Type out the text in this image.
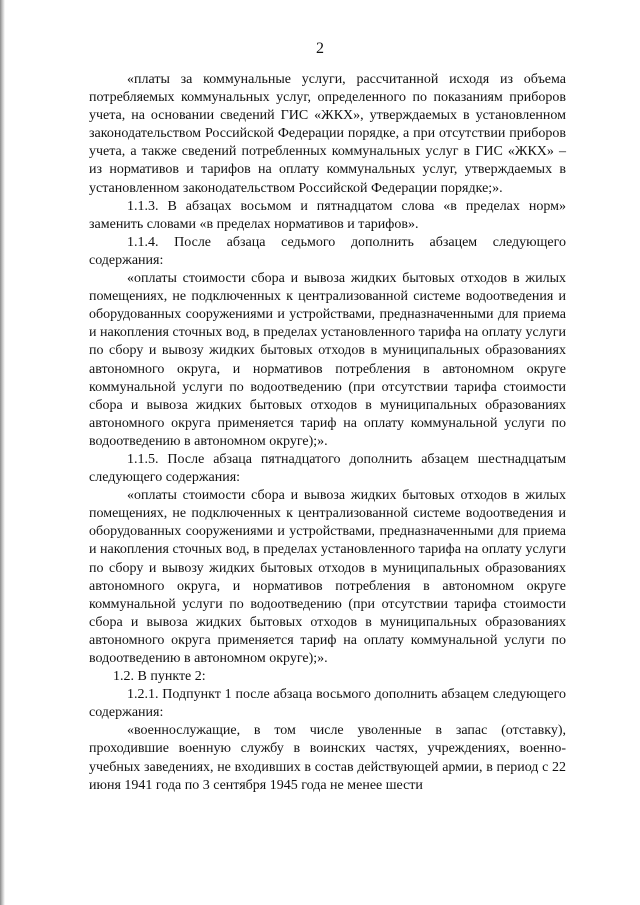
2

«платы за коммунальные услуги, рассчитанной исходя из объема потребляемых коммунальных услуг, определенного по показаниям приборов учета, на основании сведений ГИС «ЖКХ», утверждаемых в установленном законодательством Российской Федерации порядке, а при отсутствии приборов учета, а также сведений потребленных коммунальных услуг в ГИС «ЖКХ» – из нормативов и тарифов на оплату коммунальных услуг, утверждаемых в установленном законодательством Российской Федерации порядке;».

1.1.3. В абзацах восьмом и пятнадцатом слова «в пределах норм» заменить словами «в пределах нормативов и тарифов».

1.1.4. После абзаца седьмого дополнить абзацем следующего содержания:

«оплаты стоимости сбора и вывоза жидких бытовых отходов в жилых помещениях, не подключенных к централизованной системе водоотведения и оборудованных сооружениями и устройствами, предназначенными для приема и накопления сточных вод, в пределах установленного тарифа на оплату услуги по сбору и вывозу жидких бытовых отходов в муниципальных образованиях автономного округа, и нормативов потребления в автономном округе коммунальной услуги по водоотведению (при отсутствии тарифа стоимости сбора и вывоза жидких бытовых отходов в муниципальных образованиях автономного округа применяется тариф на оплату коммунальной услуги по водоотведению в автономном округе);».

1.1.5. После абзаца пятнадцатого дополнить абзацем шестнадцатым следующего содержания:

«оплаты стоимости сбора и вывоза жидких бытовых отходов в жилых помещениях, не подключенных к централизованной системе водоотведения и оборудованных сооружениями и устройствами, предназначенными для приема и накопления сточных вод, в пределах установленного тарифа на оплату услуги по сбору и вывозу жидких бытовых отходов в муниципальных образованиях автономного округа, и нормативов потребления в автономном округе коммунальной услуги по водоотведению (при отсутствии тарифа стоимости сбора и вывоза жидких бытовых отходов в муниципальных образованиях автономного округа применяется тариф на оплату коммунальной услуги по водоотведению в автономном округе);».

1.2. В пункте 2:

1.2.1. Подпункт 1 после абзаца восьмого дополнить абзацем следующего содержания:

«военнослужащие, в том числе уволенные в запас (отставку), проходившие военную службу в воинских частях, учреждениях, военно-учебных заведениях, не входивших в состав действующей армии, в период с 22 июня 1941 года по 3 сентября 1945 года не менее шести
